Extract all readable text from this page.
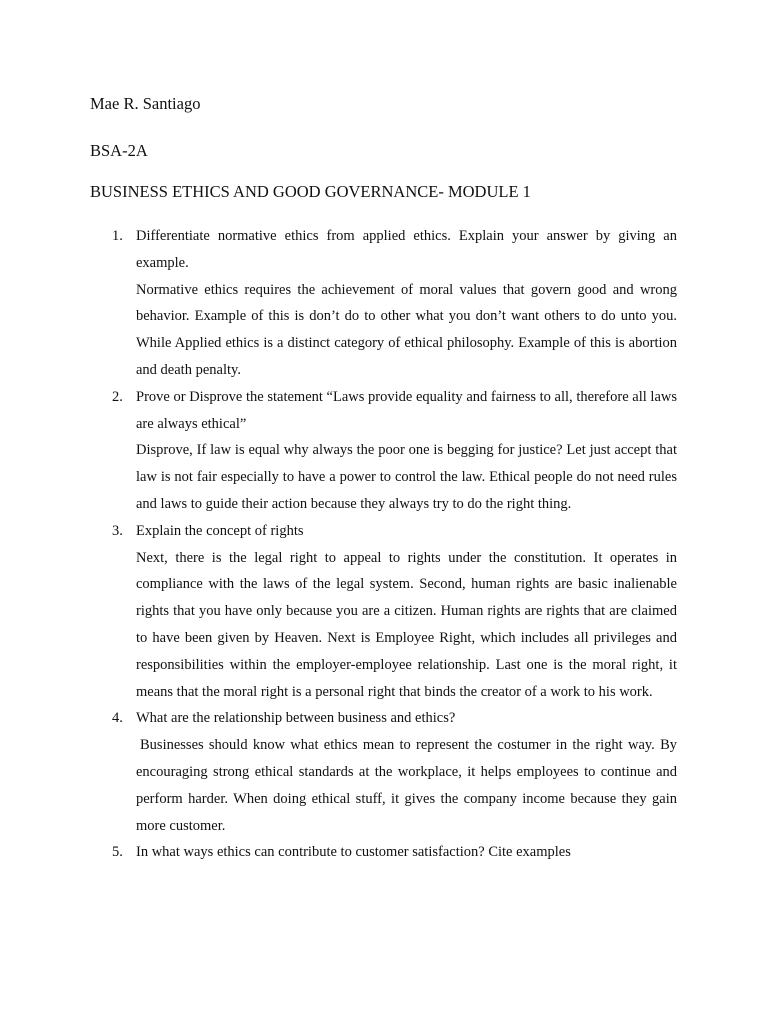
Mae R. Santiago
BSA-2A
BUSINESS ETHICS AND GOOD GOVERNANCE- MODULE 1
1. Differentiate normative ethics from applied ethics. Explain your answer by giving an example.

Normative ethics requires the achievement of moral values that govern good and wrong behavior. Example of this is don’t do to other what you don’t want others to do unto you. While Applied ethics is a distinct category of ethical philosophy. Example of this is abortion and death penalty.

2. Prove or Disprove the statement “Laws provide equality and fairness to all, therefore all laws are always ethical”

Disprove, If law is equal why always the poor one is begging for justice? Let just accept that law is not fair especially to have a power to control the law. Ethical people do not need rules and laws to guide their action because they always try to do the right thing.

3. Explain the concept of rights

Next, there is the legal right to appeal to rights under the constitution. It operates in compliance with the laws of the legal system. Second, human rights are basic inalienable rights that you have only because you are a citizen. Human rights are rights that are claimed to have been given by Heaven. Next is Employee Right, which includes all privileges and responsibilities within the employer-employee relationship. Last one is the moral right, it means that the moral right is a personal right that binds the creator of a work to his work.

4. What are the relationship between business and ethics?

Businesses should know what ethics mean to represent the costumer in the right way. By encouraging strong ethical standards at the workplace, it helps employees to continue and perform harder. When doing ethical stuff, it gives the company income because they gain more customer.

5. In what ways ethics can contribute to customer satisfaction? Cite examples
